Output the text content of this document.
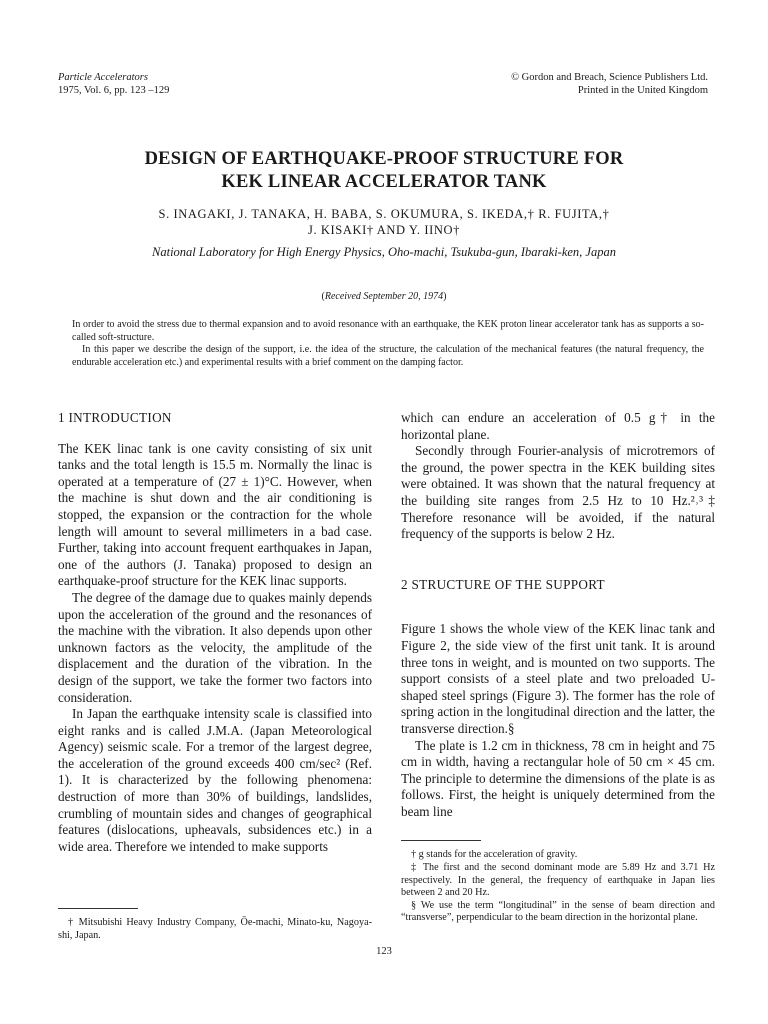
Particle Accelerators
1975, Vol. 6, pp. 123 –129
© Gordon and Breach, Science Publishers Ltd.
Printed in the United Kingdom
DESIGN OF EARTHQUAKE-PROOF STRUCTURE FOR
KEK LINEAR ACCELERATOR TANK
S. INAGAKI, J. TANAKA, H. BABA, S. OKUMURA, S. IKEDA,† R. FUJITA,†
J. KISAKI† AND Y. IINO†
National Laboratory for High Energy Physics, Oho-machi, Tsukuba-gun, Ibaraki-ken, Japan
(Received September 20, 1974)

In order to avoid the stress due to thermal expansion and to avoid resonance with an earthquake, the KEK proton linear accelerator tank has as supports a so-called soft-structure.

In this paper we describe the design of the support, i.e. the idea of the structure, the calculation of the mechanical features (the natural frequency, the endurable acceleration etc.) and experimental results with a brief comment on the damping factor.

1 INTRODUCTION

The KEK linac tank is one cavity consisting of six unit tanks and the total length is 15.5 m. Normally the linac is operated at a temperature of (27 ± 1)°C. However, when the machine is shut down and the air conditioning is stopped, the expansion or the contraction for the whole length will amount to several millimeters in a bad case. Further, taking into account frequent earthquakes in Japan, one of the authors (J. Tanaka) proposed to design an earthquake-proof structure for the KEK linac supports.

The degree of the damage due to quakes mainly depends upon the acceleration of the ground and the resonances of the machine with the vibration. It also depends upon other unknown factors as the velocity, the amplitude of the displacement and the duration of the vibration. In the design of the support, we take the former two factors into consideration.

In Japan the earthquake intensity scale is classified into eight ranks and is called J.M.A. (Japan Meteorological Agency) seismic scale. For a tremor of the largest degree, the acceleration of the ground exceeds 400 cm/sec² (Ref. 1). It is characterized by the following phenomena: destruction of more than 30% of buildings, landslides, crumbling of mountain sides and changes of geographical features (dislocations, upheavals, subsidences etc.) in a wide area. Therefore we intended to make supports

† Mitsubishi Heavy Industry Company, Ōe-machi, Minato-ku, Nagoya-shi, Japan.

which can endure an acceleration of 0.5 g† in the horizontal plane.

Secondly through Fourier-analysis of microtremors of the ground, the power spectra in the KEK building sites were obtained. It was shown that the natural frequency at the building site ranges from 2.5 Hz to 10 Hz.²˒³‡ Therefore resonance will be avoided, if the natural frequency of the supports is below 2 Hz.

2 STRUCTURE OF THE SUPPORT

Figure 1 shows the whole view of the KEK linac tank and Figure 2, the side view of the first unit tank. It is around three tons in weight, and is mounted on two supports. The support consists of a steel plate and two preloaded U-shaped steel springs (Figure 3). The former has the role of spring action in the longitudinal direction and the latter, the transverse direction.§

The plate is 1.2 cm in thickness, 78 cm in height and 75 cm in width, having a rectangular hole of 50 cm × 45 cm. The principle to determine the dimensions of the plate is as follows. First, the height is uniquely determined from the beam line

† g stands for the acceleration of gravity.

‡ The first and the second dominant mode are 5.89 Hz and 3.71 Hz respectively. In the general, the frequency of earthquake in Japan lies between 2 and 20 Hz.

§ We use the term “longitudinal” in the sense of beam direction and “transverse”, perpendicular to the beam direction in the horizontal plane.

123
